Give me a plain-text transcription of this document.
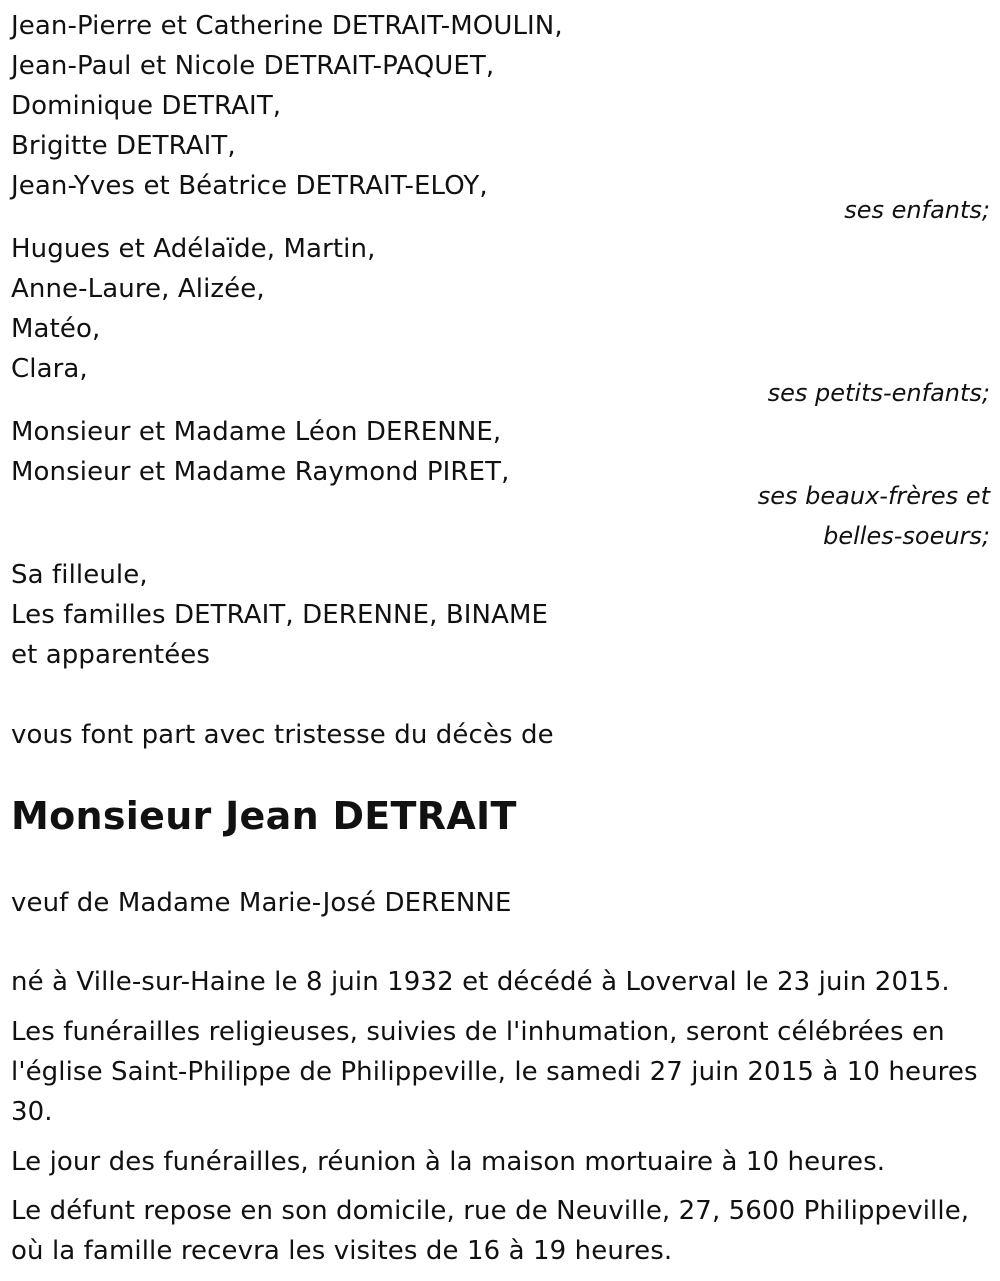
Jean-Pierre et Catherine DETRAIT-MOULIN,
Jean-Paul et Nicole DETRAIT-PAQUET,
Dominique DETRAIT,
Brigitte DETRAIT,
Jean-Yves et Béatrice DETRAIT-ELOY,
ses enfants;
Hugues et Adélaïde, Martin,
Anne-Laure, Alizée,
Matéo,
Clara,
ses petits-enfants;
Monsieur et Madame Léon DERENNE,
Monsieur et Madame Raymond PIRET,
ses beaux-frères et
belles-soeurs;
Sa filleule,
Les familles DETRAIT, DERENNE, BINAME
et apparentées
vous font part avec tristesse du décès de
Monsieur Jean DETRAIT
veuf de Madame Marie-José DERENNE
né à Ville-sur-Haine le 8 juin 1932 et décédé à Loverval le 23 juin 2015.
Les funérailles religieuses, suivies de l'inhumation, seront célébrées en l'église Saint-Philippe de Philippeville, le samedi 27 juin 2015 à 10 heures 30.
Le jour des funérailles, réunion à la maison mortuaire à 10 heures.
Le défunt repose en son domicile, rue de Neuville, 27, 5600 Philippeville, où la famille recevra les visites de 16 à 19 heures.
